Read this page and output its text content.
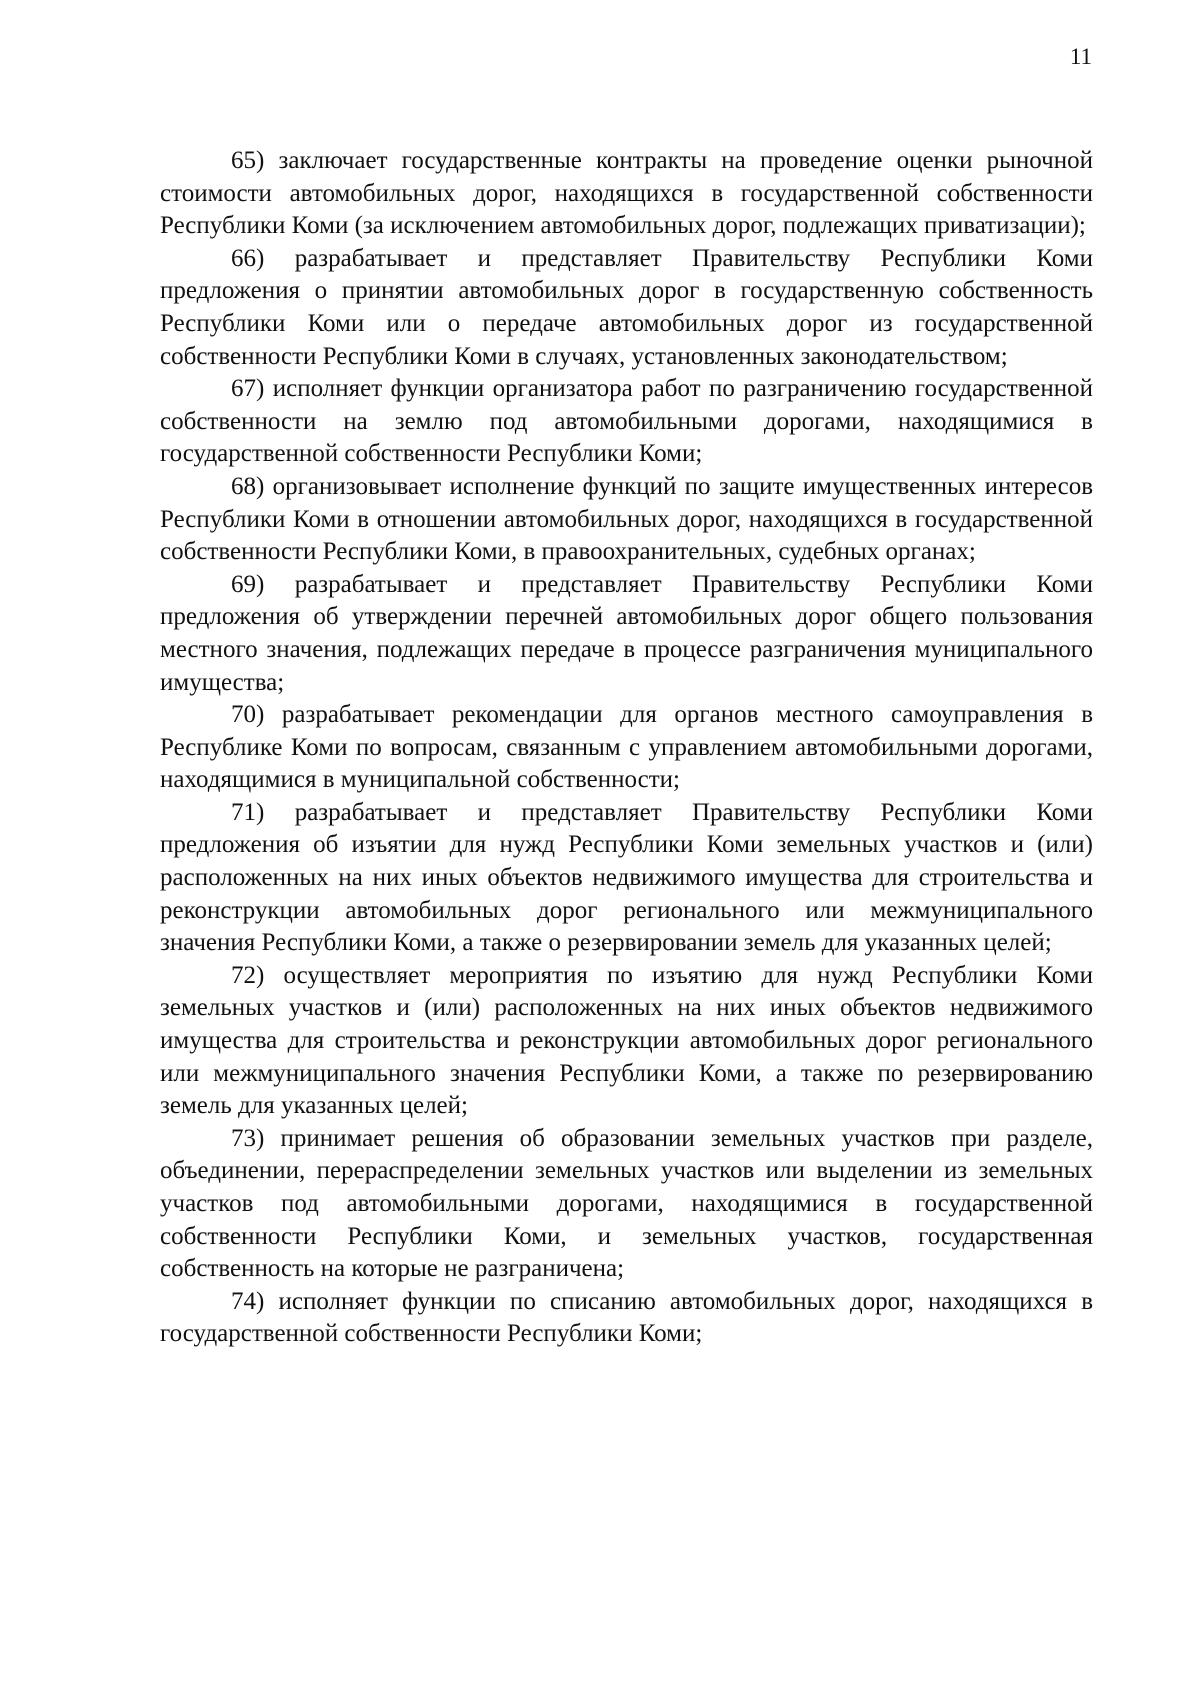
11

65) заключает государственные контракты на проведение оценки рыночной стоимости автомобильных дорог, находящихся в государственной собственности Республики Коми (за исключением автомобильных дорог, подлежащих приватизации);

66) разрабатывает и представляет Правительству Республики Коми предложения о принятии автомобильных дорог в государственную собственность Республики Коми или о передаче автомобильных дорог из государственной собственности Республики Коми в случаях, установленных законодательством;

67) исполняет функции организатора работ по разграничению государственной собственности на землю под автомобильными дорогами, находящимися в государственной собственности Республики Коми;

68) организовывает исполнение функций по защите имущественных интересов Республики Коми в отношении автомобильных дорог, находящихся в государственной собственности Республики Коми, в правоохранительных, судебных органах;

69) разрабатывает и представляет Правительству Республики Коми предложения об утверждении перечней автомобильных дорог общего пользования местного значения, подлежащих передаче в процессе разграничения муниципального имущества;

70) разрабатывает рекомендации для органов местного самоуправления в Республике Коми по вопросам, связанным с управлением автомобильными дорогами, находящимися в муниципальной собственности;

71) разрабатывает и представляет Правительству Республики Коми предложения об изъятии для нужд Республики Коми земельных участков и (или) расположенных на них иных объектов недвижимого имущества для строительства и реконструкции автомобильных дорог регионального или межмуниципального значения Республики Коми, а также о резервировании земель для указанных целей;

72) осуществляет мероприятия по изъятию для нужд Республики Коми земельных участков и (или) расположенных на них иных объектов недвижимого имущества для строительства и реконструкции автомобильных дорог регионального или межмуниципального значения Республики Коми, а также по резервированию земель для указанных целей;

73) принимает решения об образовании земельных участков при разделе, объединении, перераспределении земельных участков или выделении из земельных участков под автомобильными дорогами, находящимися в государственной собственности Республики Коми, и земельных участков, государственная собственность на которые не разграничена;

74) исполняет функции по списанию автомобильных дорог, находящихся в государственной собственности Республики Коми;
